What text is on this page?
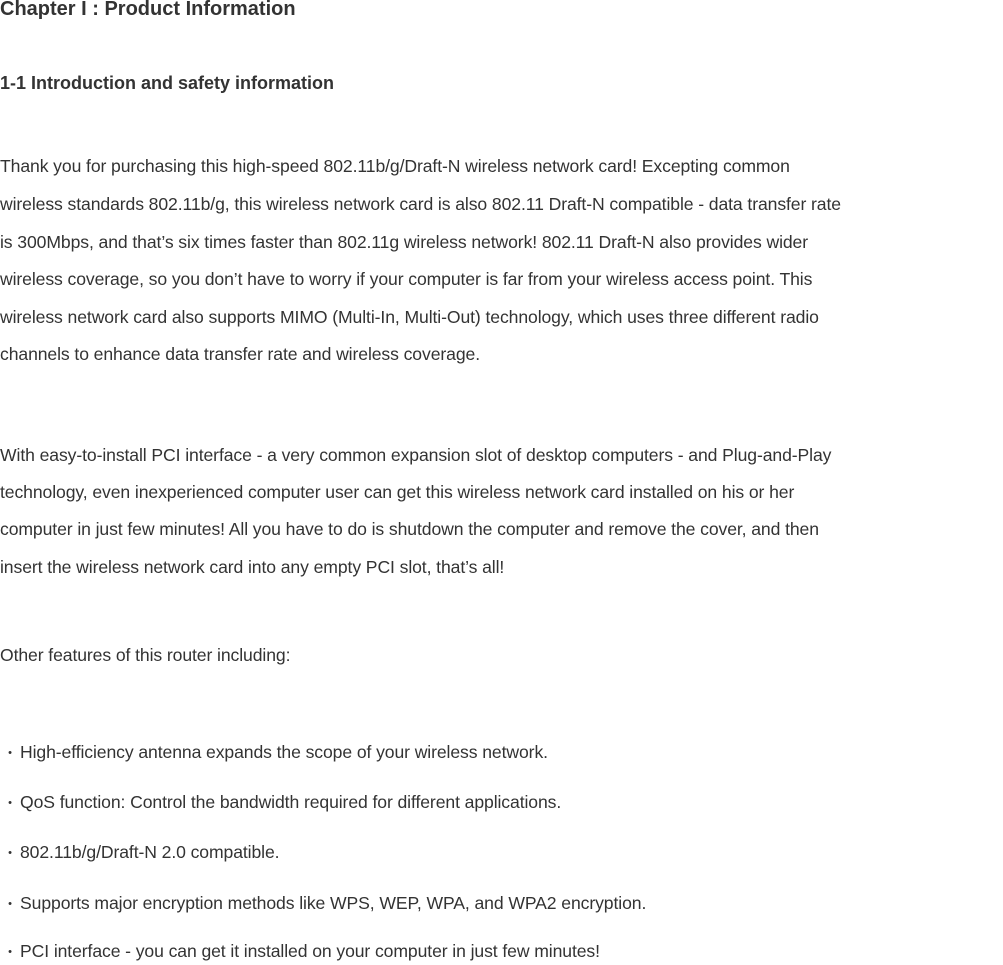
Chapter I : Product Information
1-1 Introduction and safety information
Thank you for purchasing this high-speed 802.11b/g/Draft-N wireless network card! Excepting common
wireless standards 802.11b/g, this wireless network card is also 802.11 Draft-N compatible - data transfer rate
is 300Mbps, and that’s six times faster than 802.11g wireless network! 802.11 Draft-N also provides wider
wireless coverage, so you don’t have to worry if your computer is far from your wireless access point. This
wireless network card also supports MIMO (Multi-In, Multi-Out) technology, which uses three different radio
channels to enhance data transfer rate and wireless coverage.
With easy-to-install PCI interface - a very common expansion slot of desktop computers - and Plug-and-Play
technology, even inexperienced computer user can get this wireless network card installed on his or her
computer in just few minutes! All you have to do is shutdown the computer and remove the cover, and then
insert the wireless network card into any empty PCI slot, that’s all!
Other features of this router including:
• High-efficiency antenna expands the scope of your wireless network.
• QoS function: Control the bandwidth required for different applications.
• 802.11b/g/Draft-N 2.0 compatible.
• Supports major encryption methods like WPS, WEP, WPA, and WPA2 encryption.
• PCI interface - you can get it installed on your computer in just few minutes!
